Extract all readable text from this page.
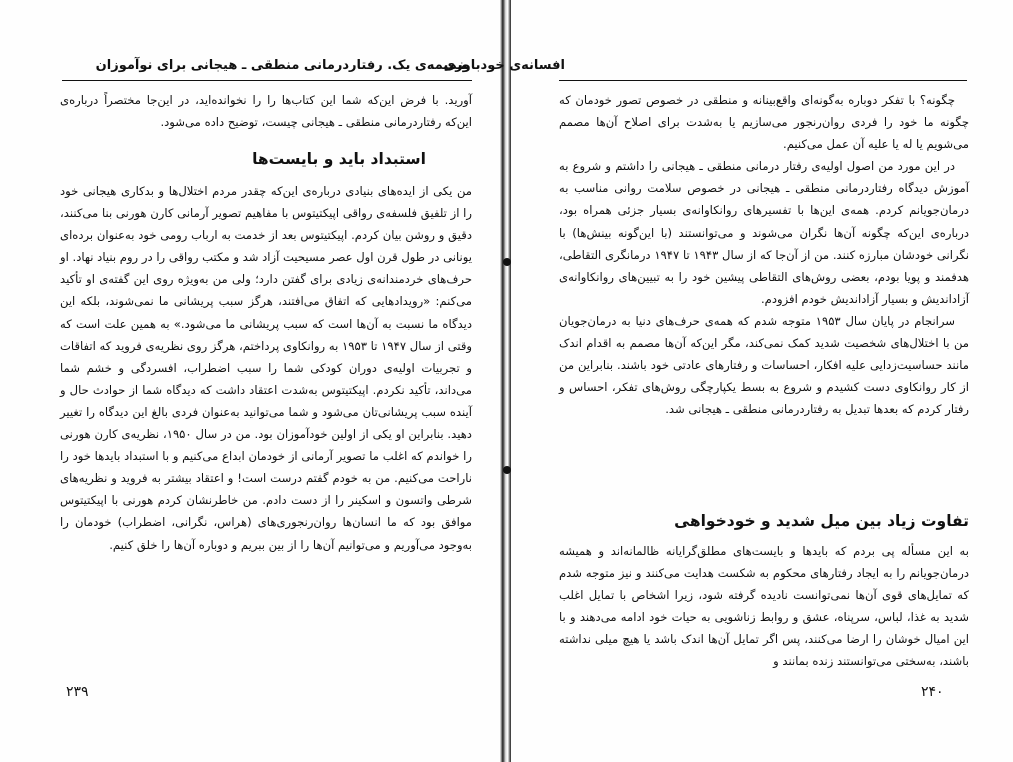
ضمیمه‌ی یک. رفتاردرمانی منطقی ـ هیجانی برای نوآموزان

آورید. با فرض این‌که شما این کتاب‌ها را را نخوانده‌اید، در این‌جا مختصراً درباره‌ی این‌که رفتاردرمانی منطقی ـ هیجانی چیست، توضیح داده می‌شود.

استبداد باید و بایست‌ها

من یکی از ایده‌های بنیادی درباره‌ی این‌که چقدر مردم اختلال‌ها و بدکاری هیجانی خود را از تلفیق فلسفه‌ی رواقی اپیکتیتوس با مفاهیم تصویر آرمانی کارن هورنی بنا می‌کنند، دقیق و روشن بیان کردم. اپیکتیتوس بعد از خدمت به ارباب رومی خود به‌عنوان برده‌ای یونانی در طول قرن اول عصر مسیحیت آزاد شد و مکتب رواقی را در روم بنیاد نهاد. او حرف‌های خردمندانه‌ی زیادی برای گفتن دارد؛ ولی من به‌ویژه روی این گفته‌ی او تأکید می‌کنم: «رویدادهایی که اتفاق می‌افتند، هرگز سبب پریشانی ما نمی‌شوند، بلکه این دیدگاه ما نسبت به آن‌ها است که سبب پریشانی ما می‌شود.» به همین علت است که وقتی از سال ۱۹۴۷ تا ۱۹۵۳ به روانکاوی پرداختم، هرگز روی نظریه‌ی فروید که اتفاقات و تجربیات اولیه‌ی دوران کودکی شما را سبب اضطراب، افسردگی و خشم شما می‌داند، تأکید نکردم. اپیکتیتوس به‌شدت اعتقاد داشت که دیدگاه شما از حوادث حال و آینده سبب پریشانی‌تان می‌شود و شما می‌توانید به‌عنوان فردی بالغ این دیدگاه را تغییر دهید. بنابراین او یکی از اولین خودآموزان بود. من در سال ۱۹۵۰، نظریه‌ی کارن هورنی را خواندم که اغلب ما تصویر آرمانی از خودمان ابداع می‌کنیم و با استبداد بایدها خود را ناراحت می‌کنیم. من به خودم گفتم درست است! و اعتقاد بیشتر به فروید و نظریه‌های شرطی واتسون و اسکینر را از دست دادم. من خاطرنشان کردم هورنی با اپیکتیتوس موافق بود که ما انسان‌ها روان‌رنجوری‌های (هراس، نگرانی، اضطراب) خودمان را به‌وجود می‌آوریم و می‌توانیم آن‌ها را از بین ببریم و دوباره آن‌ها را خلق کنیم.

۲۳۹
افسانه‌ی خودباوری

چگونه؟ با تفکر دوباره به‌گونه‌ای واقع‌بینانه و منطقی در خصوص تصور خودمان که چگونه ما خود را فردی روان‌رنجور می‌سازیم یا به‌شدت برای اصلاح آن‌ها مصمم می‌شویم یا له یا علیه آن عمل می‌کنیم.

در این مورد من اصول اولیه‌ی رفتار درمانی منطقی ـ هیجانی را داشتم و شروع به آموزش دیدگاه رفتاردرمانی منطقی ـ هیجانی در خصوص سلامت روانی مناسب به درمان‌جویانم کردم. همه‌ی این‌ها با تفسیرهای روانکاوانه‌ی بسیار جزئی همراه بود، درباره‌ی این‌که چگونه آن‌ها نگران می‌شوند و می‌توانستند (با این‌گونه بینش‌ها) با نگرانی خودشان مبارزه کنند. من از آن‌جا که از سال ۱۹۴۳ تا ۱۹۴۷ درمانگری التقاطی، هدفمند و پویا بودم، بعضی روش‌های التقاطی پیشین خود را به تبیین‌های روانکاوانه‌ی آزاداندیش و بسیار آزاداندیش خودم افزودم.

سرانجام در پایان سال ۱۹۵۳ متوجه شدم که همه‌ی حرف‌های دنیا به درمان‌جویان من با اختلال‌های شخصیت شدید کمک نمی‌کند، مگر این‌که آن‌ها مصمم به اقدام اندک مانند حساسیت‌زدایی علیه افکار، احساسات و رفتارهای عادتی خود باشند. بنابراین من از کار روانکاوی دست کشیدم و شروع به بسط یکپارچگی روش‌های تفکر، احساس و رفتار کردم که بعدها تبدیل به رفتاردرمانی منطقی ـ هیجانی شد.

تفاوت زیاد بین میل شدید و خودخواهی

به این مسأله پی بردم که بایدها و بایست‌های مطلق‌گرایانه ظالمانه‌اند و همیشه درمان‌جویانم را به ایجاد رفتارهای محکوم به شکست هدایت می‌کنند و نیز متوجه شدم که تمایل‌های قوی آن‌ها نمی‌توانست نادیده گرفته شود، زیرا اشخاص با تمایل اغلب شدید به غذا، لباس، سرپناه، عشق و روابط زناشویی به حیات خود ادامه می‌دهند و با این امیال خوشان را ارضا می‌کنند، پس اگر تمایل آن‌ها اندک باشد یا هیچ میلی نداشته باشند، به‌سختی می‌توانستند زنده بمانند و

۲۴۰
